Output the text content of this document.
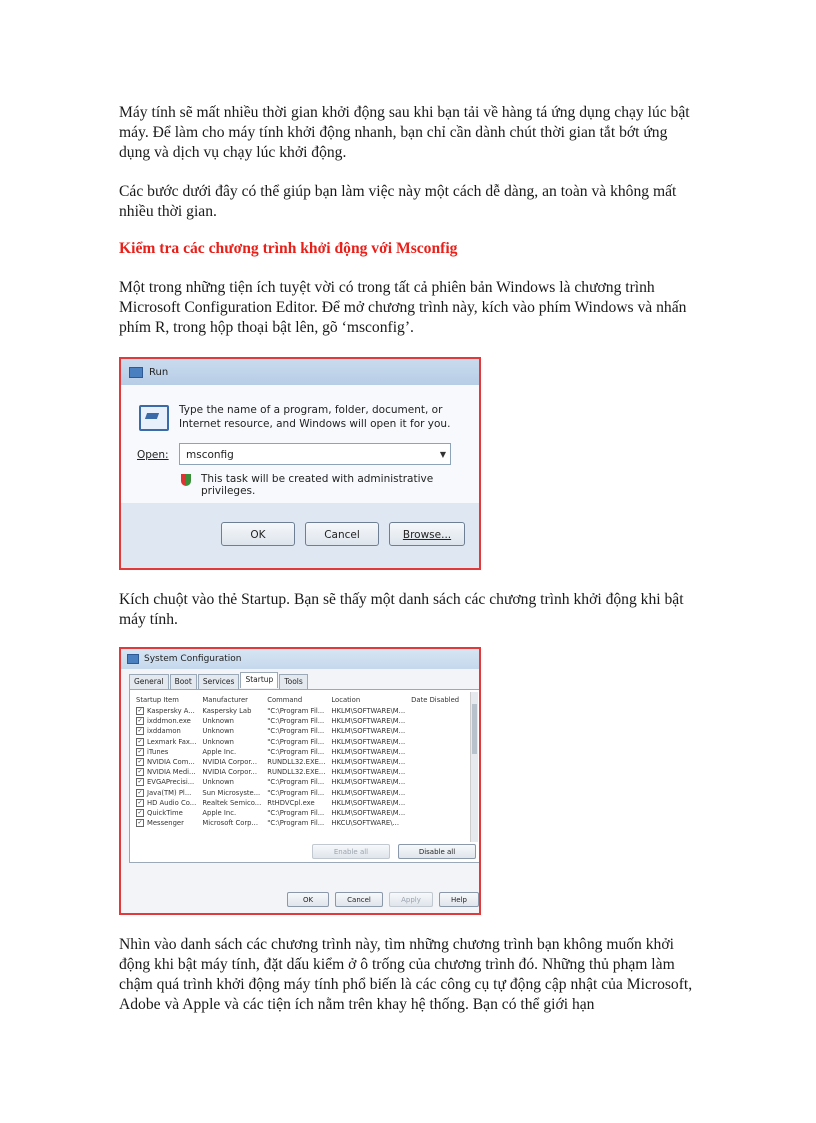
Máy tính sẽ mất nhiều thời gian khởi động sau khi bạn tải về hàng tá ứng dụng chạy lúc bật máy. Để làm cho máy tính khởi động nhanh, bạn chỉ cần dành chút thời gian tắt bớt ứng dụng và dịch vụ chạy lúc khởi động.

Các bước dưới đây có thể giúp bạn làm việc này một cách dễ dàng, an toàn và không mất nhiều thời gian.

Kiểm tra các chương trình khởi động với Msconfig

Một trong những tiện ích tuyệt vời có trong tất cả phiên bản Windows là chương trình Microsoft Configuration Editor. Để mở chương trình này, kích vào phím Windows và nhấn phím R, trong hộp thoại bật lên, gõ ‘msconfig’.

Run
Type the name of a program, folder, document, or Internet resource, and Windows will open it for you.
Open:	msconfig	▼
This task will be created with administrative privileges.
OK	Cancel	Browse...

Kích chuột vào thẻ Startup. Bạn sẽ thấy một danh sách các chương trình khởi động khi bật máy tính.

System Configuration
General	Boot	Services	Startup	Tools
Startup Item	Manufacturer	Command	Location	Date Disabled
✓ Kaspersky A...	Kaspersky Lab	"C:\Program Fil...	HKLM\SOFTWARE\M...	
✓ ixddmon.exe	Unknown	"C:\Program Fil...	HKLM\SOFTWARE\M...	
✓ ixddamon	Unknown	"C:\Program Fil...	HKLM\SOFTWARE\M...	
✓ Lexmark Fax...	Unknown	"C:\Program Fil...	HKLM\SOFTWARE\M...	
✓ iTunes	Apple Inc.	"C:\Program Fil...	HKLM\SOFTWARE\M...	
✓ NVIDIA Com...	NVIDIA Corpor...	RUNDLL32.EXE...	HKLM\SOFTWARE\M...	
✓ NVIDIA Medi...	NVIDIA Corpor...	RUNDLL32.EXE...	HKLM\SOFTWARE\M...	
✓ EVGAPrecisi...	Unknown	"C:\Program Fil...	HKLM\SOFTWARE\M...	
✓ Java(TM) Pl...	Sun Microsyste...	"C:\Program Fil...	HKLM\SOFTWARE\M...	
✓ HD Audio Co...	Realtek Semico...	RtHDVCpl.exe	HKLM\SOFTWARE\M...	
✓ QuickTime	Apple Inc.	"C:\Program Fil...	HKLM\SOFTWARE\M...	
✓ Messenger	Microsoft Corp...	"C:\Program Fil...	HKCU\SOFTWARE\...	
Enable all	Disable all
OK	Cancel	Apply	Help

Nhìn vào danh sách các chương trình này, tìm những chương trình bạn không muốn khởi động khi bật máy tính, đặt dấu kiểm ở ô trống của chương trình đó. Những thủ phạm làm chậm quá trình khởi động máy tính phổ biến là các công cụ tự động cập nhật của Microsoft, Adobe và Apple và các tiện ích nằm trên khay hệ thống. Bạn có thể giới hạn
